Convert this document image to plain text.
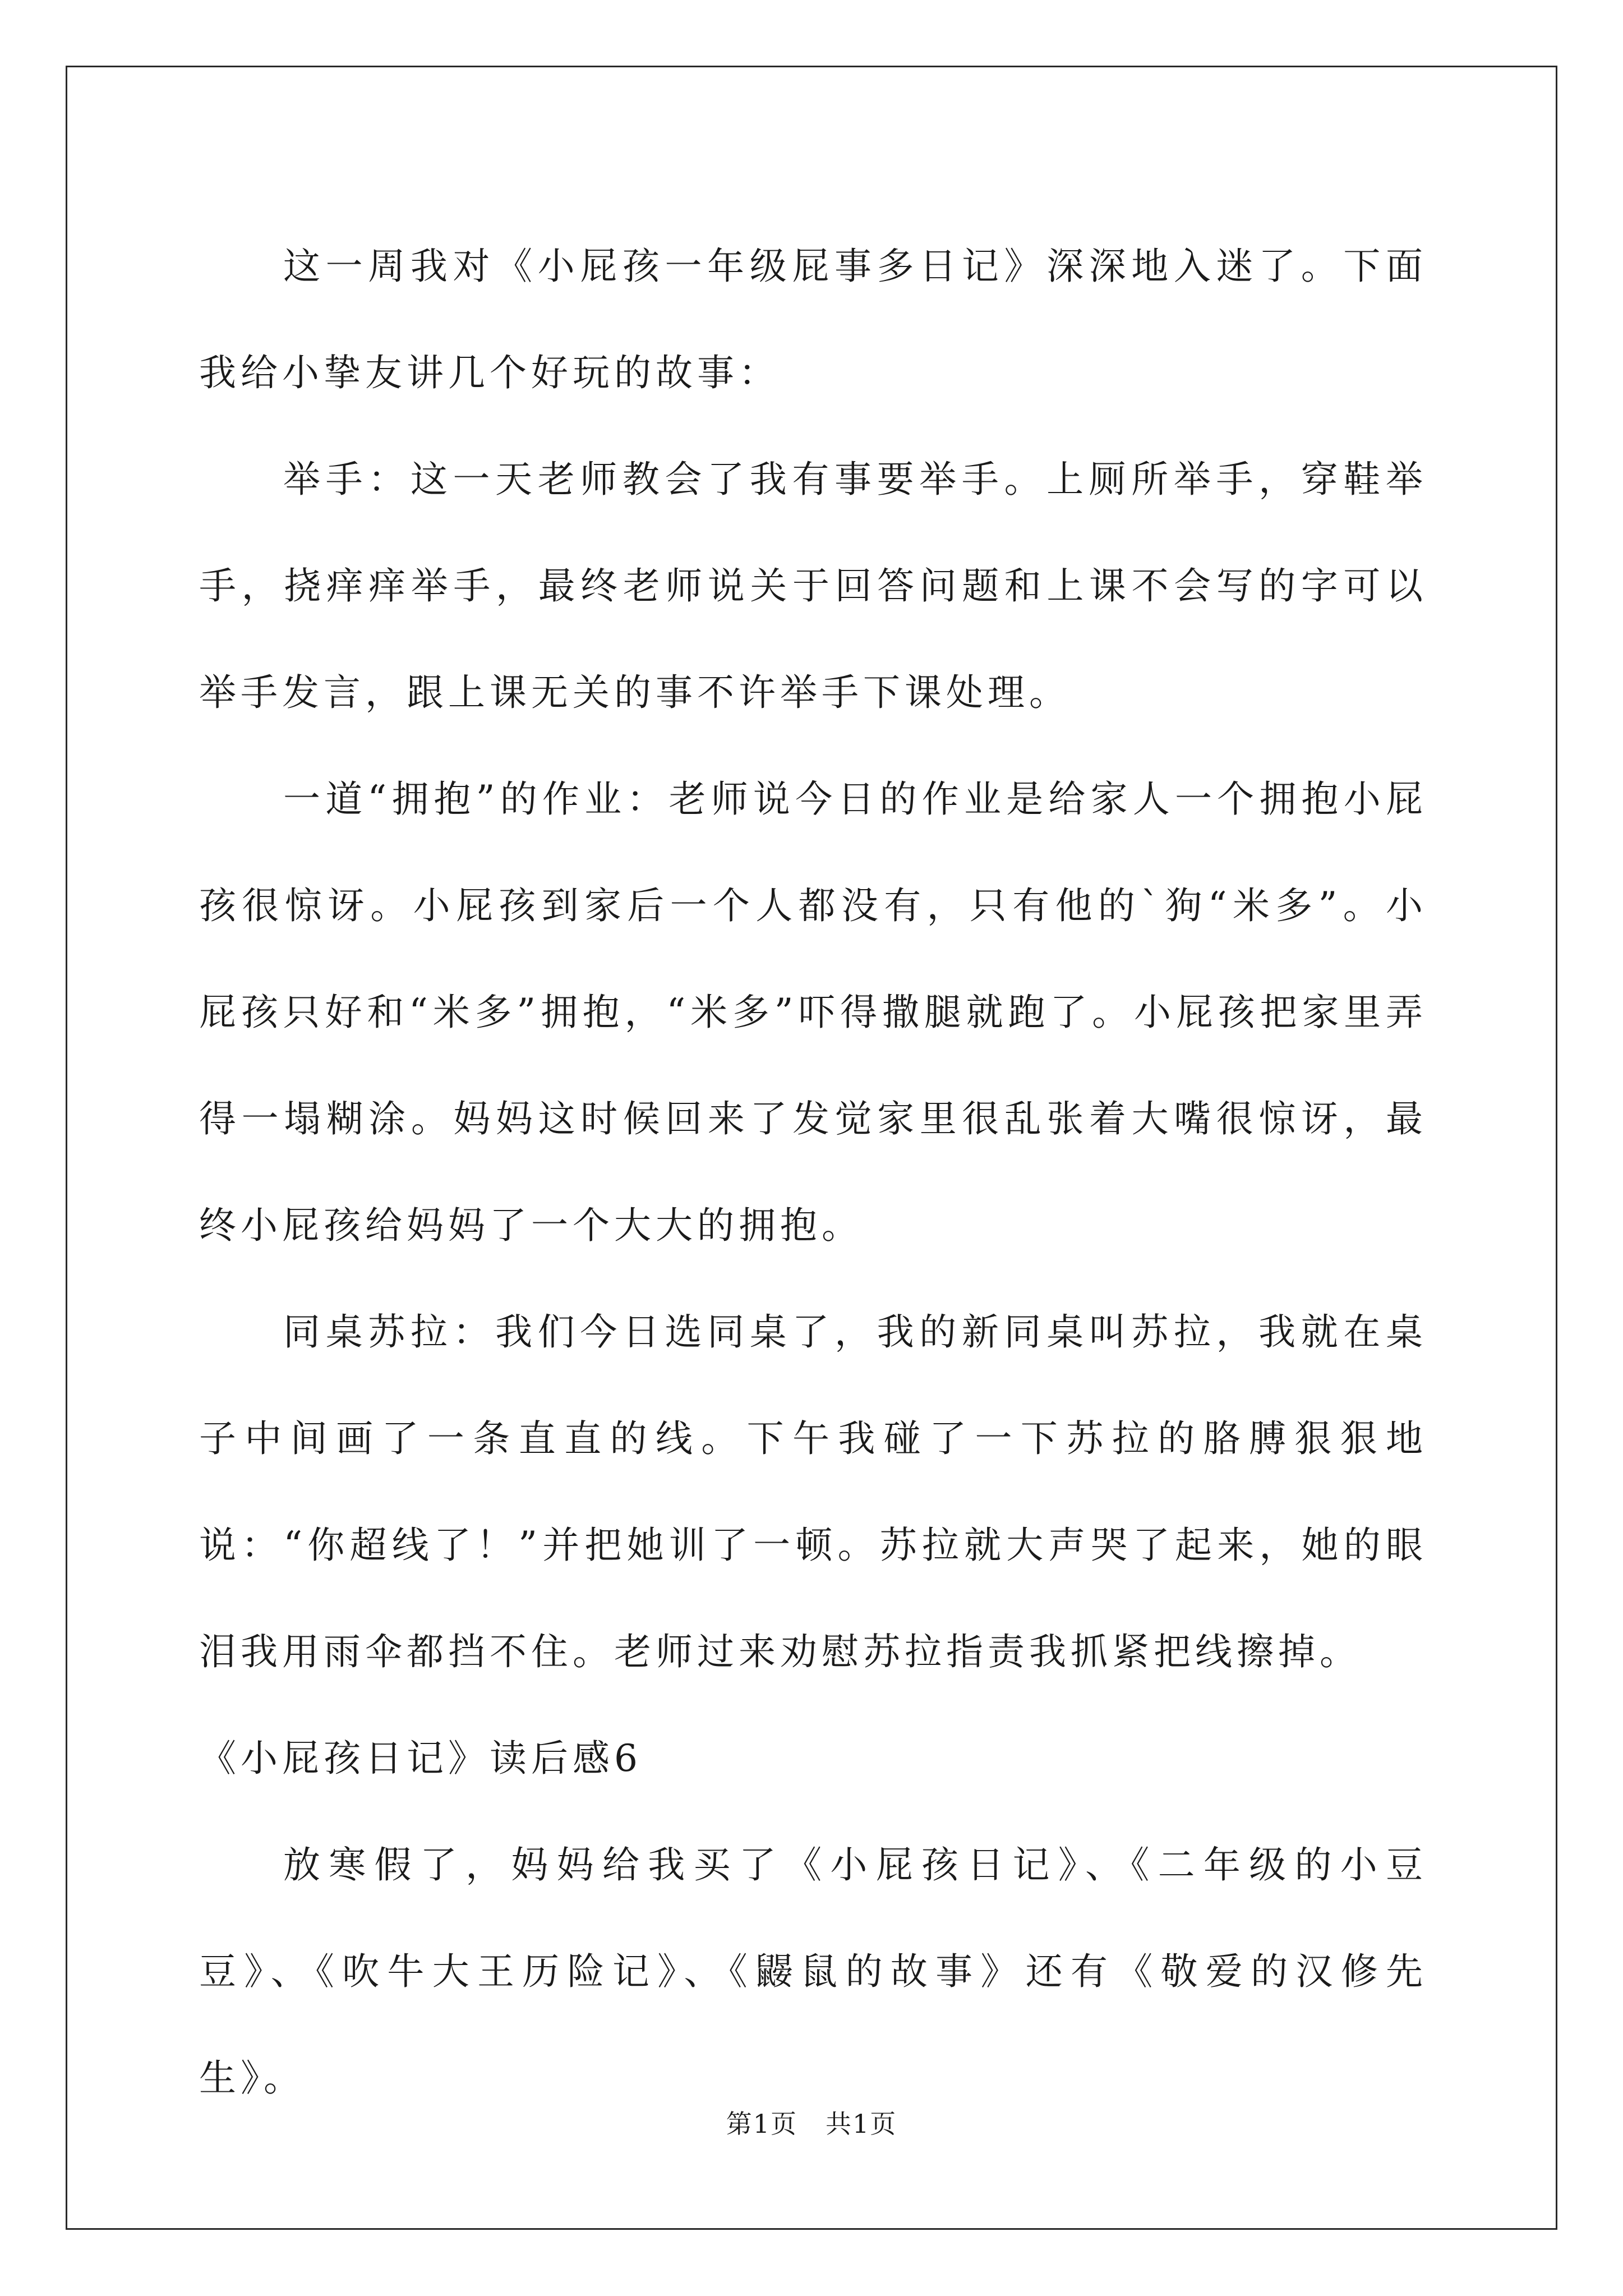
这一周我对《小屁孩一年级屁事多日记》深深地入迷了。下面我给小挚友讲几个好玩的故事：

举手：这一天老师教会了我有事要举手。上厕所举手，穿鞋举手，挠痒痒举手，最终老师说关于回答问题和上课不会写的字可以举手发言，跟上课无关的事不许举手下课处理。

一道“拥抱”的作业：老师说今日的作业是给家人一个拥抱小屁孩很惊讶。小屁孩到家后一个人都没有，只有他的`狗“米多”。小屁孩只好和“米多”拥抱，“米多”吓得撒腿就跑了。小屁孩把家里弄得一塌糊涂。妈妈这时候回来了发觉家里很乱张着大嘴很惊讶，最终小屁孩给妈妈了一个大大的拥抱。

同桌苏拉：我们今日选同桌了，我的新同桌叫苏拉，我就在桌子中间画了一条直直的线。下午我碰了一下苏拉的胳膊狠狠地说：“你超线了！”并把她训了一顿。苏拉就大声哭了起来，她的眼泪我用雨伞都挡不住。老师过来劝慰苏拉指责我抓紧把线擦掉。

《小屁孩日记》读后感6

放寒假了，妈妈给我买了《小屁孩日记》、《二年级的小豆豆》、《吹牛大王历险记》、《鼹鼠的故事》还有《敬爱的汉修先生》。

第1页 共1页
